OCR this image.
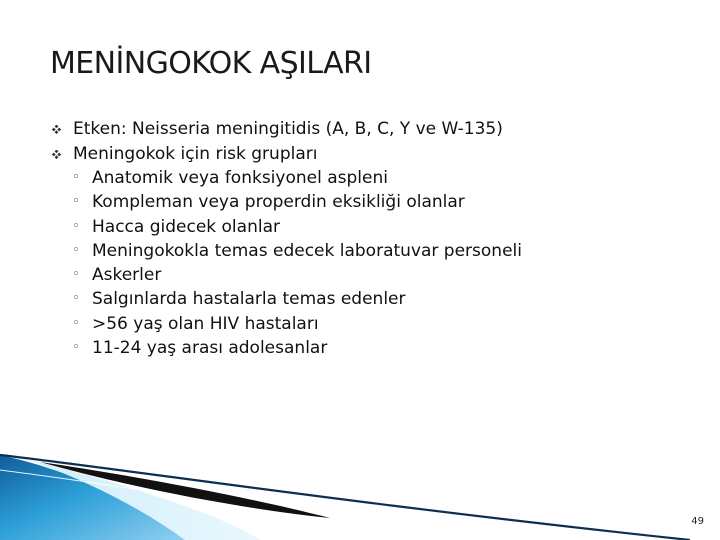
MENİNGOKOK AŞILARI
Etken: Neisseria meningitidis (A, B, C, Y ve W-135)
Meningokok için risk grupları
◦ Anatomik veya fonksiyonel aspleni
◦ Kompleman veya properdin eksikliği olanlar
◦ Hacca gidecek olanlar
◦ Meningokokla temas edecek laboratuvar personeli
◦ Askerler
◦ Salgınlarda hastalarla temas edenler
◦ >56 yaş olan HIV hastaları
◦ 11-24 yaş arası adolesanlar
49
